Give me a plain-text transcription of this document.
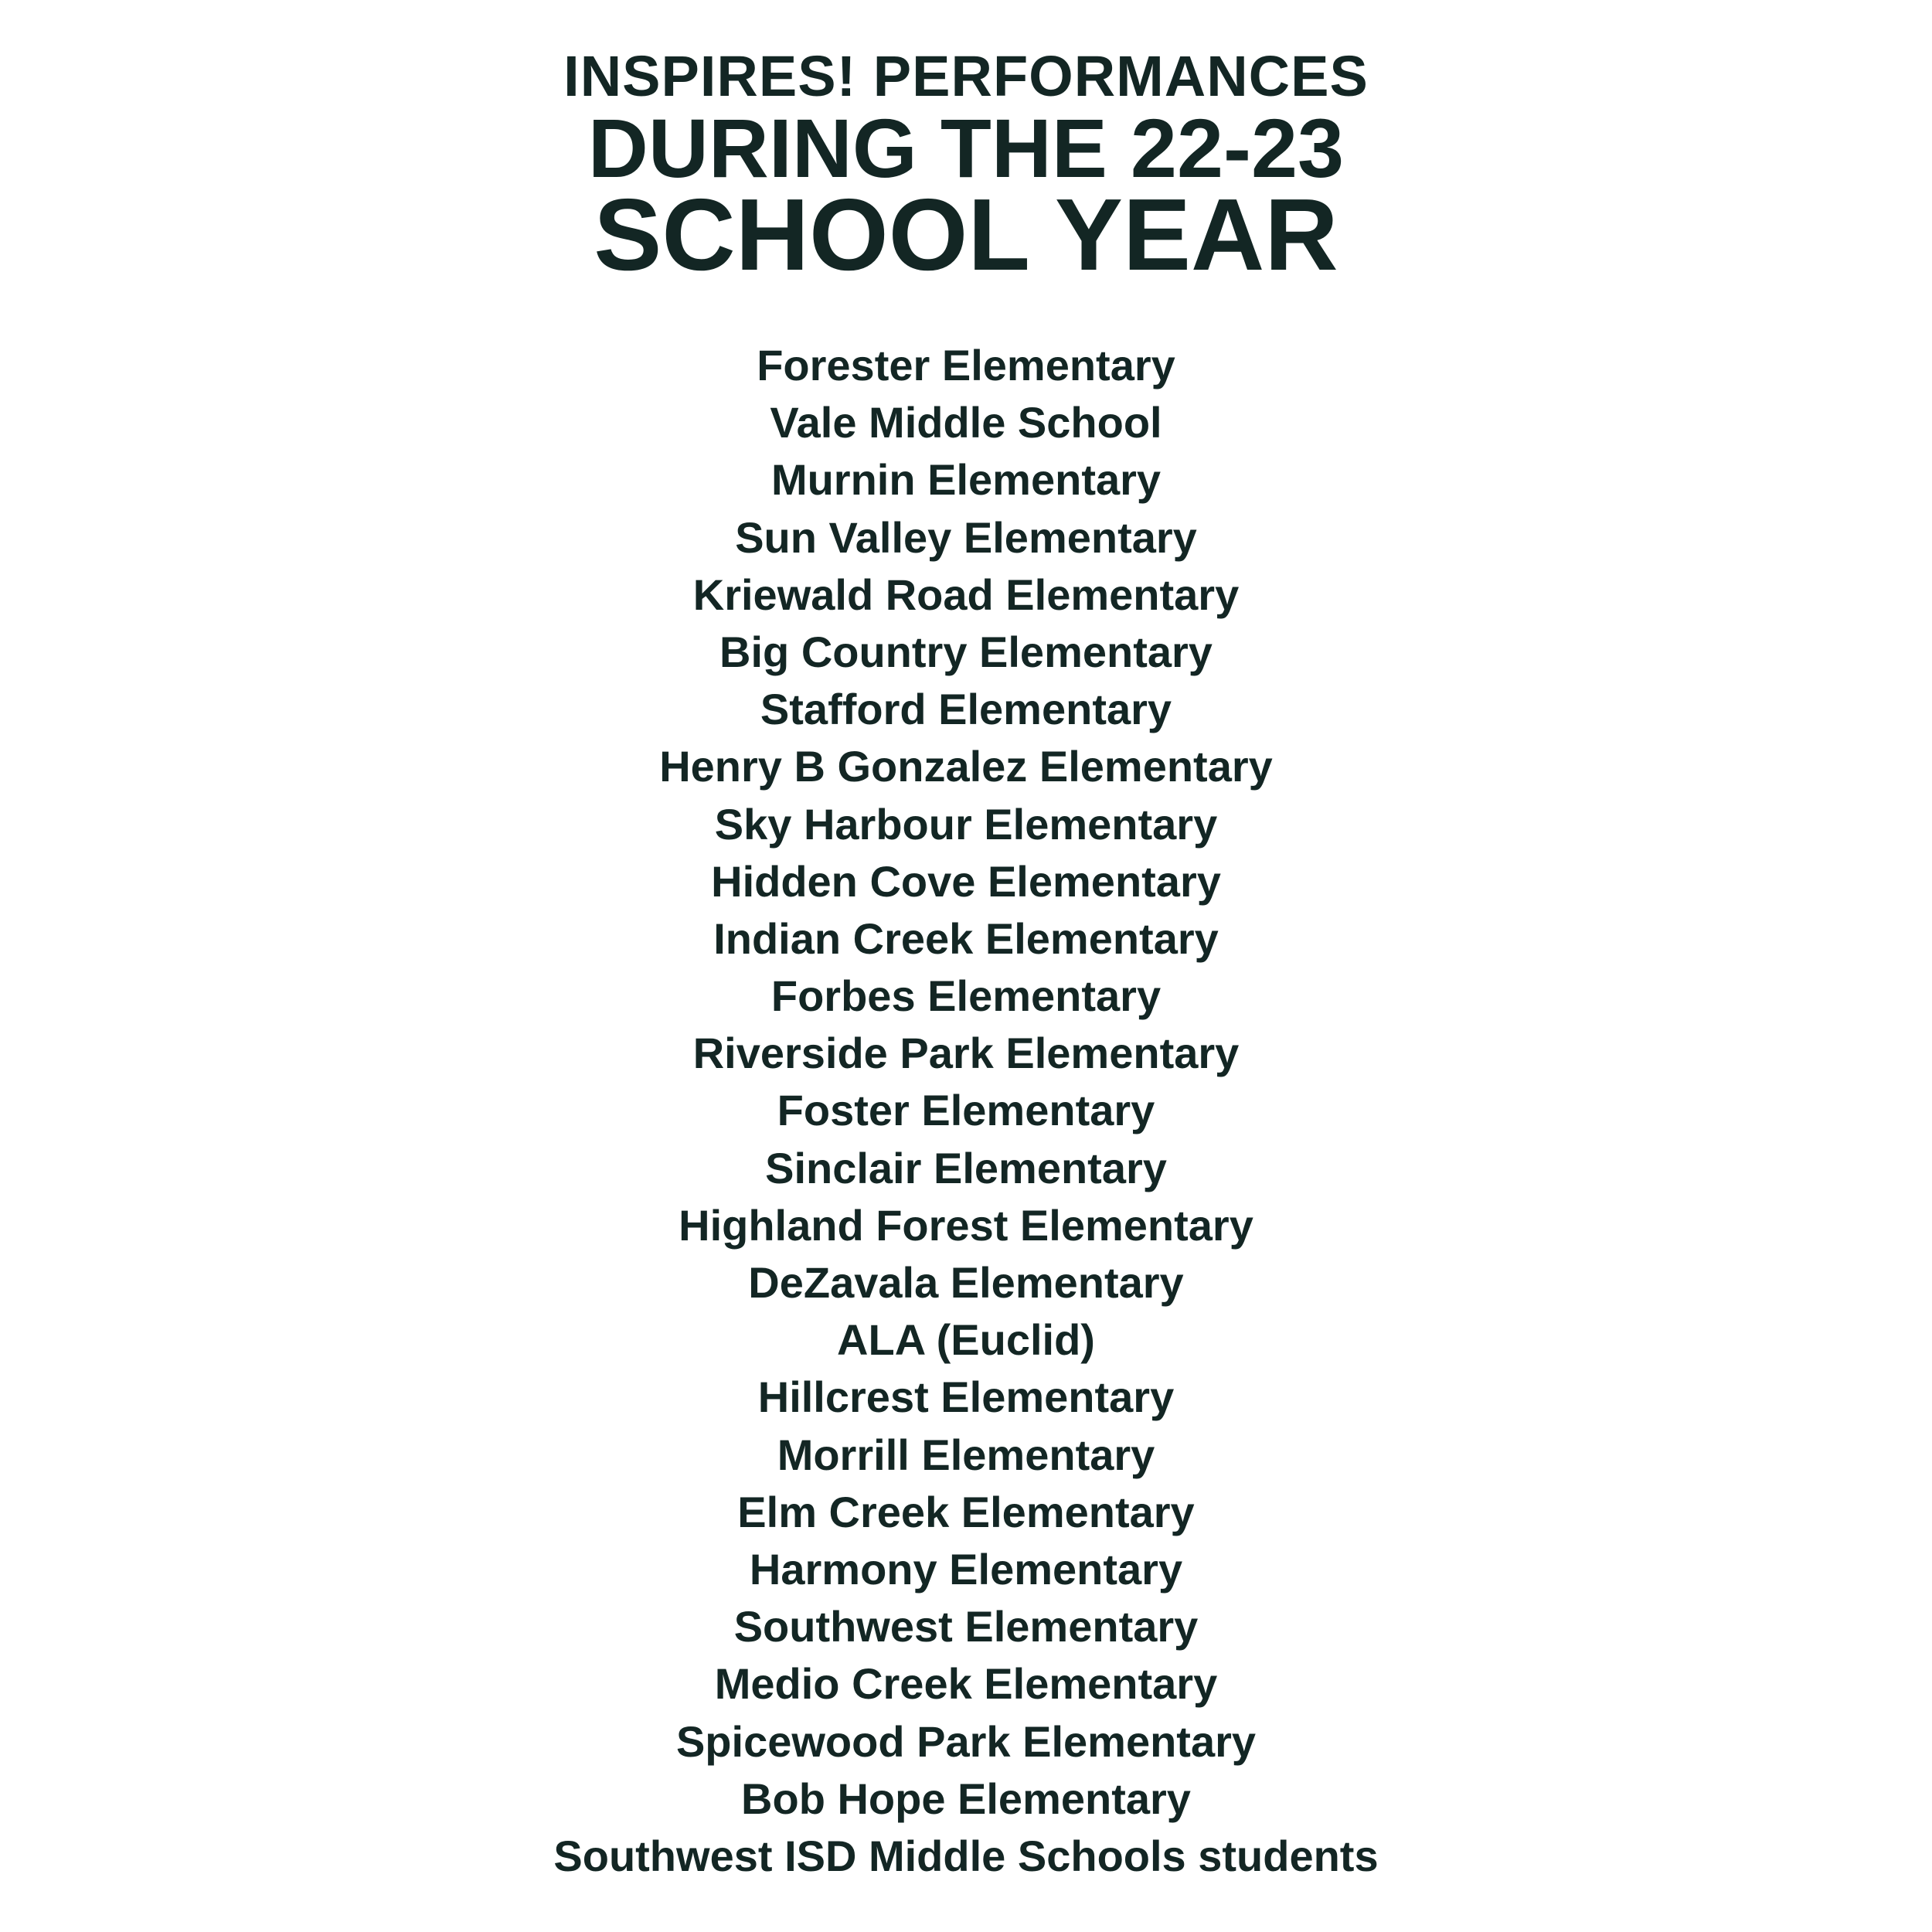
INSPIRES! PERFORMANCES
DURING THE 22-23
SCHOOL YEAR
Forester Elementary
Vale Middle School
Murnin Elementary
Sun Valley Elementary
Kriewald Road Elementary
Big Country Elementary
Stafford Elementary
Henry B Gonzalez Elementary
Sky Harbour Elementary
Hidden Cove Elementary
Indian Creek Elementary
Forbes Elementary
Riverside Park Elementary
Foster Elementary
Sinclair Elementary
Highland Forest Elementary
DeZavala Elementary
ALA (Euclid)
Hillcrest Elementary
Morrill Elementary
Elm Creek Elementary
Harmony Elementary
Southwest Elementary
Medio Creek Elementary
Spicewood Park Elementary
Bob Hope Elementary
Southwest ISD Middle Schools students
